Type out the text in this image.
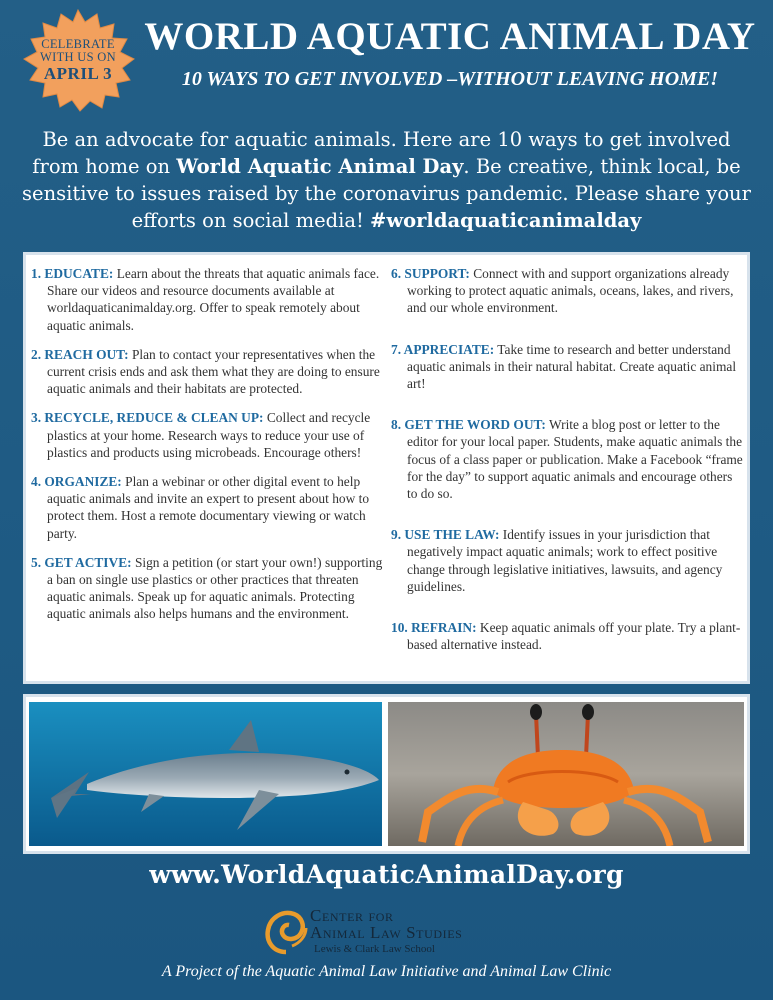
CELEBRATE
WITH US ON
APRIL 3
WORLD AQUATIC ANIMAL DAY
10 WAYS TO GET INVOLVED –WITHOUT LEAVING HOME!
Be an advocate for aquatic animals. Here are 10 ways to get involved from home on World Aquatic Animal Day. Be creative, think local, be sensitive to issues raised by the coronavirus pandemic. Please share your efforts on social media! #worldaquaticanimalday

1. EDUCATE: Learn about the threats that aquatic animals face. Share our videos and resource documents available at worldaquaticanimalday.org. Offer to speak remotely about aquatic animals.

2. REACH OUT: Plan to contact your representatives when the current crisis ends and ask them what they are doing to ensure aquatic animals and their habitats are protected.

3. RECYCLE, REDUCE & CLEAN UP: Collect and recycle plastics at your home. Research ways to reduce your use of plastics and products using microbeads. Encourage others!

4. ORGANIZE: Plan a webinar or other digital event to help aquatic animals and invite an expert to present about how to protect them. Host a remote documentary viewing or watch party.

5. GET ACTIVE: Sign a petition (or start your own!) supporting a ban on single use plastics or other practices that threaten aquatic animals. Speak up for aquatic animals. Protecting aquatic animals also helps humans and the environment.

6. SUPPORT: Connect with and support organizations already working to protect aquatic animals, oceans, lakes, and rivers, and our whole environment.

7. APPRECIATE: Take time to research and better understand aquatic animals in their natural habitat. Create aquatic animal art!

8. GET THE WORD OUT: Write a blog post or letter to the editor for your local paper. Students, make aquatic animals the focus of a class paper or publication. Make a Facebook “frame for the day” to support aquatic animals and encourage others to do so.

9. USE THE LAW: Identify issues in your jurisdiction that negatively impact aquatic animals; work to effect positive change through legislative initiatives, lawsuits, and agency guidelines.

10. REFRAIN: Keep aquatic animals off your plate. Try a plant-based alternative instead.

www.WorldAquaticAnimalDay.org
Center for
Animal Law Studies
Lewis & Clark Law School
A Project of the Aquatic Animal Law Initiative and Animal Law Clinic
